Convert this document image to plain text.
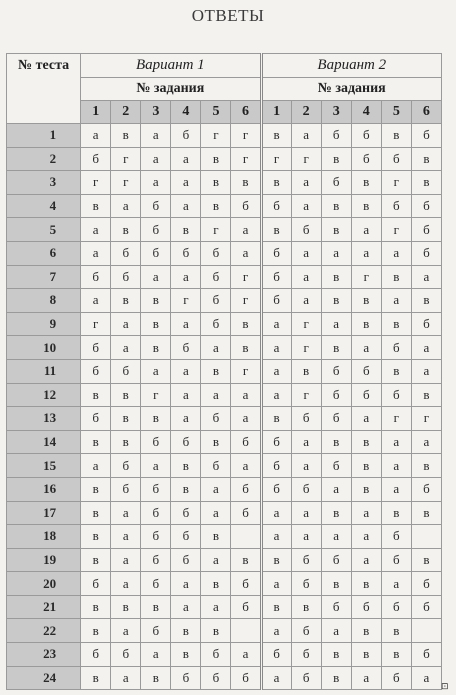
ОТВЕТЫ
№ теста	Вариант 1						Вариант 2					
	№ задания						№ задания					
	1	2	3	4	5	6	1	2	3	4	5	6
1	а	в	а	б	г	г	в	а	б	б	в	б
2	б	г	а	а	в	г	г	г	в	б	б	в
3	г	г	а	а	в	в	в	а	б	в	г	в
4	в	а	б	а	в	б	б	а	в	в	б	б
5	а	в	б	в	г	а	в	б	в	а	г	б
6	а	б	б	б	б	а	б	а	а	а	а	б
7	б	б	а	а	б	г	б	а	в	г	в	а
8	а	в	в	г	б	г	б	а	в	в	а	в
9	г	а	в	а	б	в	а	г	а	в	в	б
10	б	а	в	б	а	в	а	г	в	а	б	а
11	б	б	а	а	в	г	а	в	б	б	в	а
12	в	в	г	а	а	а	а	г	б	б	б	в
13	б	в	в	а	б	а	в	б	б	а	г	г
14	в	в	б	б	в	б	б	а	в	в	а	а
15	а	б	а	в	б	а	б	а	б	в	а	в
16	в	б	б	в	а	б	б	б	а	в	а	б
17	в	а	б	б	а	б	а	а	в	а	в	в
18	в	а	б	б	в		а	а	а	а	б	
19	в	а	б	б	а	в	в	б	б	а	б	в
20	б	а	б	а	в	б	а	б	в	в	а	б
21	в	в	в	а	а	б	в	в	б	б	б	б
22	в	а	б	в	в		а	б	а	в	в	
23	б	б	а	в	б	а	б	б	в	в	в	б
24	в	а	в	б	б	б	а	б	в	а	б	а
⊡
